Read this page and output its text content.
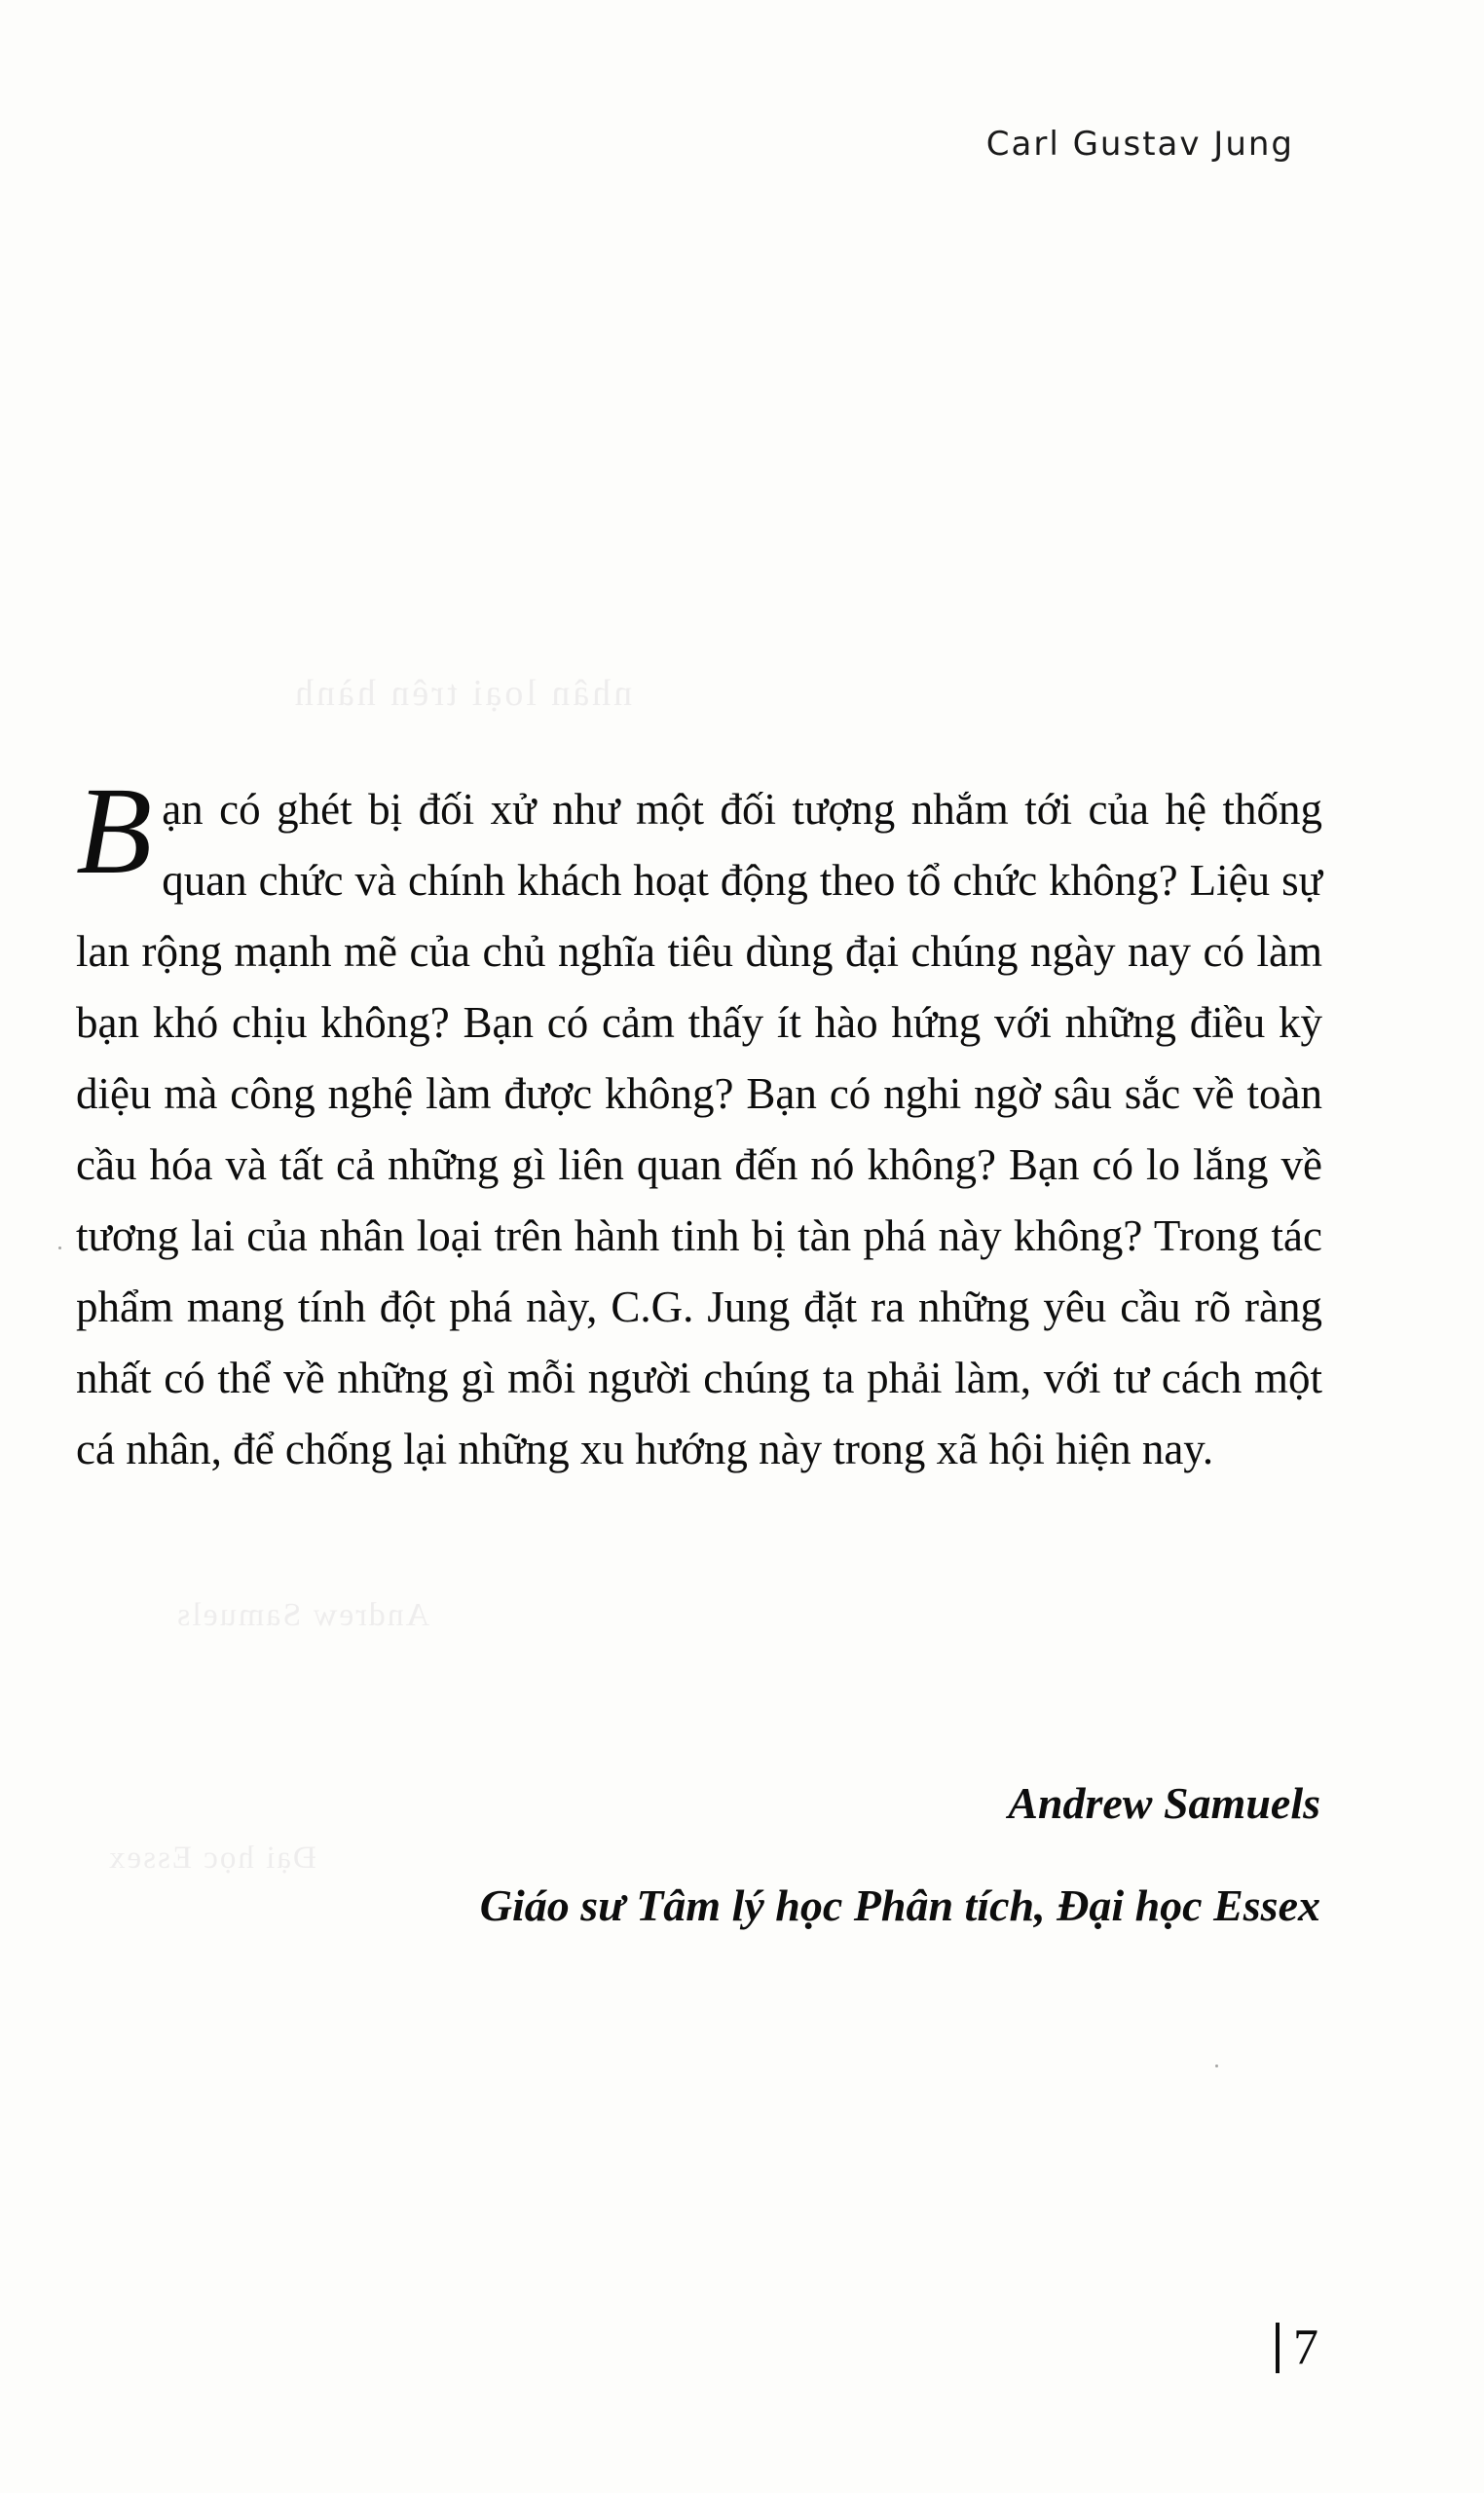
nhân loại trên hành
Andrew Samuels
Đại học Essex
Carl Gustav Jung

Bạn có ghét bị đối xử như một đối tượng nhắm tới của hệ thống quan chức và chính khách hoạt động theo tổ chức không? Liệu sự lan rộng mạnh mẽ của chủ nghĩa tiêu dùng đại chúng ngày nay có làm bạn khó chịu không? Bạn có cảm thấy ít hào hứng với những điều kỳ diệu mà công nghệ làm được không? Bạn có nghi ngờ sâu sắc về toàn cầu hóa và tất cả những gì liên quan đến nó không? Bạn có lo lắng về tương lai của nhân loại trên hành tinh bị tàn phá này không? Trong tác phẩm mang tính đột phá này, C.G. Jung đặt ra những yêu cầu rõ ràng nhất có thể về những gì mỗi người chúng ta phải làm, với tư cách một cá nhân, để chống lại những xu hướng này trong xã hội hiện nay.

Andrew Samuels
Giáo sư Tâm lý học Phân tích, Đại học Essex
7
